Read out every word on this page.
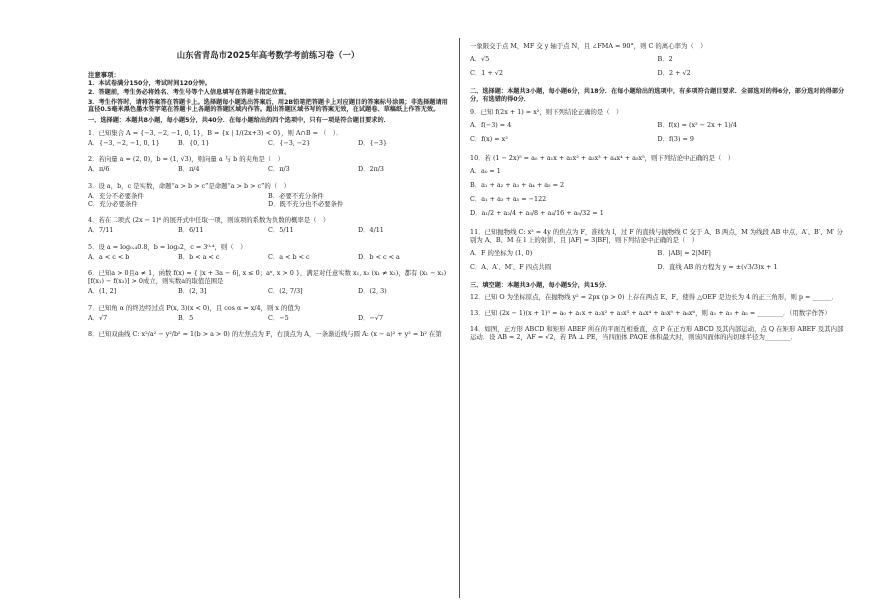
山东省青岛市2025年高考数学考前练习卷（一）
注意事项：
1．本试卷满分150分，考试时间120分钟。
2．答题前，考生务必将姓名、考生号等个人信息填写在答题卡指定位置。
3．考生作答时，请将答案答在答题卡上。选择题每小题选出答案后，用2B铅笔把答题卡上对应题目的答案标号涂黑；非选择题请用直径0.5毫米黑色墨水签字笔在答题卡上各题的答题区域内作答。超出答题区域书写的答案无效，在试题卷、草稿纸上作答无效。
一、选择题：本题共8小题，每小题5分，共40分．在每小题给出的四个选项中，只有一项是符合题目要求的．
1．已知集合 A = {−3, −2, −1, 0, 1}，B = {x | 1/(2x+3) < 0}，则 A∩B = （　）．
A．{−3, −2, −1, 0, 1}	B．{0, 1}	C．{−3, −2}	D．{−3}
2．若向量 a = (2, 0)，b = (1, √3)，则向量 a 与 b 的夹角是（　）
A．π/6	B．π/4	C．π/3	D．2π/3
3．设 a，b，c 是实数，命题“a > b > c”是命题“a > b > c”的（　）
A．充分不必要条件	B．必要不充分条件
C．充分必要条件	D．既不充分也不必要条件
4．若在二项式 (2x − 1)⁶ 的展开式中任取一项，则该项的系数为负数的概率是（　）
A．7/11	B．6/11	C．5/11	D．4/11
5．设 a = log₀.₄0.8，b = log₃2，c = 3⁰·⁴，则（　）
A．a < c < b	B．b < a < c	C．a < b < c	D．b < c < a
6．已知a > 0且a ≠ 1，函数 f(x) = { |x + 3a − 6|, x ≤ 0；aˣ, x > 0 }，满足对任意实数 x₁, x₂ (x₁ ≠ x₂)，都有 (x₁ − x₂)[f(x₁) − f(x₂)] > 0成立，则实数a的取值范围是
A．(1, 2]	B．(2, 3]	C．(2, 7/3]	D．(2, 3)
7．已知角 α 的终边经过点 P(x, 3)(x < 0)，且 cos α = x/4，则 x 的值为
A．√7	B．5	C．−5	D．−√7
8．已知双曲线 C: x²/a² − y²/b² = 1(b > a > 0) 的左焦点为 F，右顶点为 A，一条渐近线与圆 A: (x − a)² + y² = b² 在第
一象限交于点 M，MF 交 y 轴于点 N，且 ∠FMA = 90°，则 C 的离心率为（　）
A．√5	B．2
C．1 + √2	D．2 + √2
二、选择题：本题共3小题，每小题6分，共18分．在每小题给出的选项中，有多项符合题目要求．全部选对的得6分，部分选对的得部分分，有选错的得0分．
9．已知 f(2x + 1) = x²，则下列结论正确的是（　）
A．f(−3) = 4	B．f(x) = (x² − 2x + 1)/4
C．f(x) = x²	D．f(3) = 9
10．若 (1 − 2x)⁵ = a₀ + a₁x + a₂x² + a₃x³ + a₄x⁴ + a₅x⁵，则下列结论中正确的是（　）
A．a₀ = 1
B．a₁ + a₂ + a₃ + a₄ + a₅ = 2
C．a₁ + a₃ + a₅ = −122
D．a₁/2 + a₂/4 + a₃/8 + a₄/16 + a₅/32 = 1
11．已知抛物线 C: x² = 4y 的焦点为 F，准线为 l，过 F 的直线与抛物线 C 交于 A、B 两点，M 为线段 AB 中点，A′、B′、M′ 分别为 A、B、M 在 l 上的射影，且 |AF| = 3|BF|，则下列结论中正确的是（　）
A．F 的坐标为 (1, 0)	B．|AB| = 2|MF|
C．A、A′、M′、F 四点共圆	D．直线 AB 的方程为 y = ±(√3/3)x + 1
三、填空题：本题共3小题，每小题5分，共15分．
12．已知 O 为坐标原点，在抛物线 y² = 2px (p > 0) 上存在两点 E、F，使得 △OEF 是边长为 4 的正三角形，则 p = ______．
13．已知 (2x − 1)(x + 1)⁵ = a₀ + a₁x + a₂x² + a₃x³ + a₄x⁴ + a₅x⁵ + a₆x⁶，则 a₁ + a₃ + a₅ = ________．（用数字作答）
14．如图，正方形 ABCD 和矩形 ABEF 所在的平面互相垂直，点 P 在正方形 ABCD 及其内部运动，点 Q 在矩形 ABEF 及其内部运动．设 AB = 2，AF = √2，若 PA ⊥ PE，当四面体 PAQE 体积最大时，则该四面体的内切球半径为________．
